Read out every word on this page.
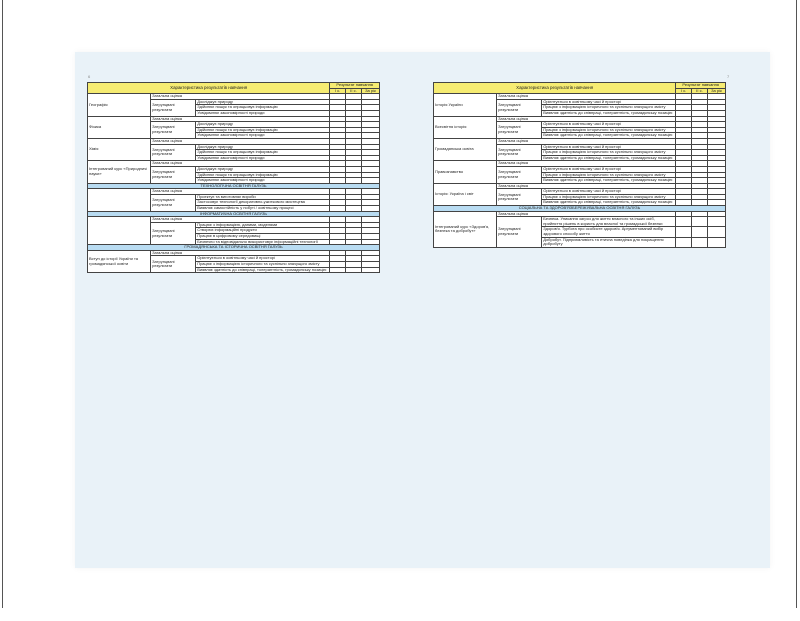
6	7
Характеристика результатів навчання			Результат навчання		
			I с.	II с.	За рік
Географія	Загальна оцінка				
	Затрупцвані результати	Досліджує природу			
		Здійснює пошук та опрацьовує інформацію			
		Усвідомлює закономірності природи			
Фізика	Загальна оцінка				
	Затрупцвані результати	Досліджує природу			
		Здійснює пошук та опрацьовує інформацію			
		Усвідомлює закономірності природи			
Хімія	Загальна оцінка				
	Затрупцвані результати	Досліджує природу			
		Здійснює пошук та опрацьовує інформацію			
		Усвідомлює закономірності природи			
Інтегрований курс «Природничі науки»	Загальна оцінка				
	Затрупцвані результати	Досліджує природу			
		Здійснює пошук та опрацьовує інформацію			
		Усвідомлює закономірності природи			
ТЕХНОЛОГІЧНА ОСВІТНЯ ГАЛУЗЬ					
	Загальна оцінка				
	Затрупцвані результати	Проектує та виготовляє вироби			
		Застосовує технології декоративно-ужиткового мистецтва			
		Виявляє самостійність у побуті / освітньому процесі			
ІНФОРМАТИЧНА ОСВІТНЯ ГАЛУЗЬ					
	Загальна оцінка				
	Затрупцвані результати	Працює з інформацією, даними, моделями			
		Створює інформаційні продукти			
		Працює в цифровому середовищі			
		Безпечно та відповідально використовує інформаційні технології			
ГРОМАДЯНСЬКА ТА ІСТОРИЧНА ОСВІТНЯ ГАЛУЗЬ					
Вступ до історії України та громадянської освіти	Загальна оцінка				
	Затрупцвані результати	Орієнтується в освітньому часі й просторі			
		Працює з інформацією історичного та суспільно значущого змісту			
		Виявляє здатність до співпраці, толерантність, громадянську позицію			
Характеристика результатів навчання			Результат навчання		
			I с.	II с.	За рік
Історія України	Загальна оцінка				
	Затрупцвані результати	Орієнтується в освітньому часі й просторі			
		Працює з інформацією історичного та суспільно значущого змісту			
		Виявляє здатність до співпраці, толерантність, громадянську позицію			
Всесвітня історія	Загальна оцінка				
	Затрупцвані результати	Орієнтується в освітньому часі й просторі			
		Працює з інформацією історичного та суспільно значущого змісту			
		Виявляє здатність до співпраці, толерантність, громадянську позицію			
Громадянська освіта	Загальна оцінка				
	Затрупцвані результати	Орієнтується в освітньому часі й просторі			
		Працює з інформацією історичного та суспільно значущого змісту			
		Виявляє здатність до співпраці, толерантність, громадянську позицію			
Правознавство	Загальна оцінка				
	Затрупцвані результати	Орієнтується в освітньому часі й просторі			
		Працює з інформацією історичного та суспільно значущого змісту			
		Виявляє здатність до співпраці, толерантність, громадянську позицію			
Історія: Україна і світ	Загальна оцінка				
	Затрупцвані результати	Орієнтується в освітньому часі й просторі			
		Працює з інформацією історичного та суспільно значущого змісту			
		Виявляє здатність до співпраці, толерантність, громадянську позицію			
СОЦІАЛЬНА ТА ЗДОРОВ'ЯЗБЕРЕЖУВАЛЬНА ОСВІТНЯ ГАЛУЗЬ					
Інтегрований курс «Здоров'я, безпека та добробут»	Загальна оцінка				
	Затрупцвані результати	Безпека. Уникання загроз для життя власного та інших осіб, прийняття рішень в користь для власної та громадської безпеки			
		Здоров'я. Турбота про особисте здоров'я. Аргументований вибір здорового способу життя			
		Добробут. Підприємливість та етична поведінка для покращення добробуту			
